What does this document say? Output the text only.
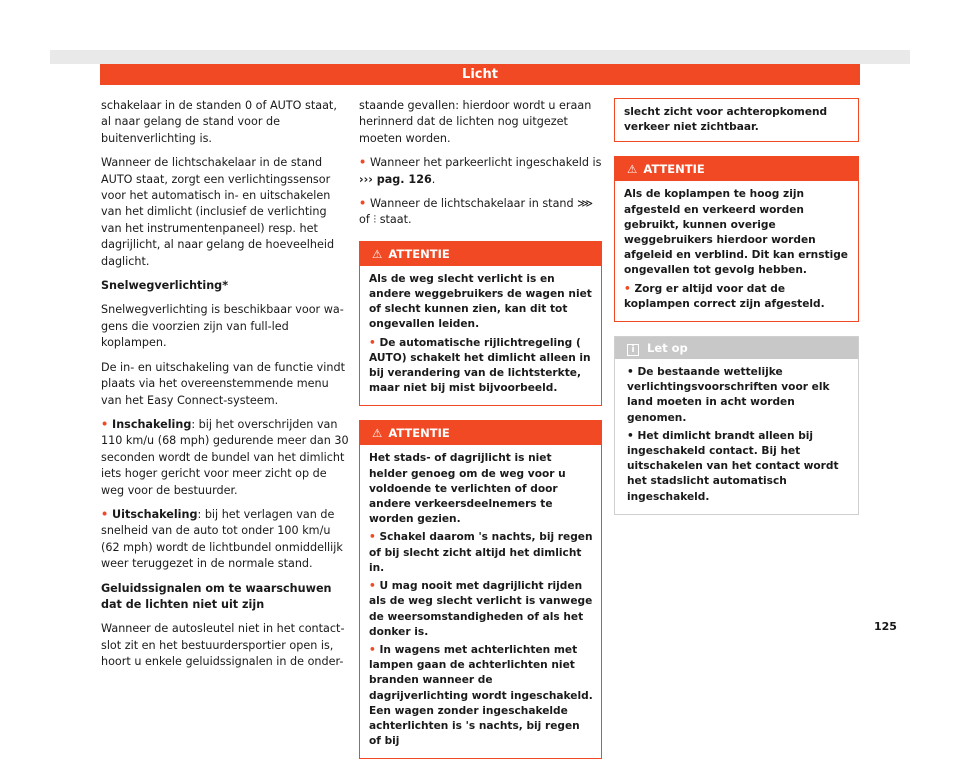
Licht

schakelaar in de standen 0 of AUTO staat, al naar gelang de stand voor de buitenverlichting is.

Wanneer de lichtschakelaar in de stand AUTO staat, zorgt een verlichtingssensor voor het automatisch in- en uitschakelen van het dimlicht (inclusief de verlichting van het instrumentenpaneel) resp. het dagrijlicht, al naar gelang de hoeveelheid daglicht.

Snelwegverlichting*

Snelwegverlichting is beschikbaar voor wagens die voorzien zijn van full-led koplampen.

De in- en uitschakeling van de functie vindt plaats via het overeenstemmende menu van het Easy Connect-systeem.

• Inschakeling: bij het overschrijden van 110 km/u (68 mph) gedurende meer dan 30 seconden wordt de bundel van het dimlicht iets hoger gericht voor meer zicht op de weg voor de bestuurder.

• Uitschakeling: bij het verlagen van de snelheid van de auto tot onder 100 km/u (62 mph) wordt de lichtbundel onmiddellijk weer teruggezet in de normale stand.

Geluidssignalen om te waarschuwen dat de lichten niet uit zijn

Wanneer de autosleutel niet in het contactslot zit en het bestuurdersportier open is, hoort u enkele geluidssignalen in de onder-

staande gevallen: hierdoor wordt u eraan herinnerd dat de lichten nog uitgezet moeten worden.

• Wanneer het parkeerlicht ingeschakeld is
››› pag. 126.

• Wanneer de lichtschakelaar in stand ⋙ of ⫶ staat.

⚠ ATTENTIE

Als de weg slecht verlicht is en andere weggebruikers de wagen niet of slecht kunnen zien, kan dit tot ongevallen leiden.

• De automatische rijlichtregeling ( AUTO) schakelt het dimlicht alleen in bij verandering van de lichtsterkte, maar niet bij mist bijvoorbeeld.

⚠ ATTENTIE

Het stads- of dagrijlicht is niet helder genoeg om de weg voor u voldoende te verlichten of door andere verkeersdeelnemers te worden gezien.

• Schakel daarom 's nachts, bij regen of bij slecht zicht altijd het dimlicht in.

• U mag nooit met dagrijlicht rijden als de weg slecht verlicht is vanwege de weersomstandigheden of als het donker is.

• In wagens met achterlichten met lampen gaan de achterlichten niet branden wanneer de dagrijverlichting wordt ingeschakeld. Een wagen zonder ingeschakelde achterlichten is 's nachts, bij regen of bij

slecht zicht voor achteropkomend verkeer niet zichtbaar.
⚠ ATTENTIE

Als de koplampen te hoog zijn afgesteld en verkeerd worden gebruikt, kunnen overige weggebruikers hierdoor worden afgeleid en verblind. Dit kan ernstige ongevallen tot gevolg hebben.

• Zorg er altijd voor dat de koplampen correct zijn afgesteld.

i Let op

• De bestaande wettelijke verlichtingsvoorschriften voor elk land moeten in acht worden genomen.

• Het dimlicht brandt alleen bij ingeschakeld contact. Bij het uitschakelen van het contact wordt het stadslicht automatisch ingeschakeld.

125
